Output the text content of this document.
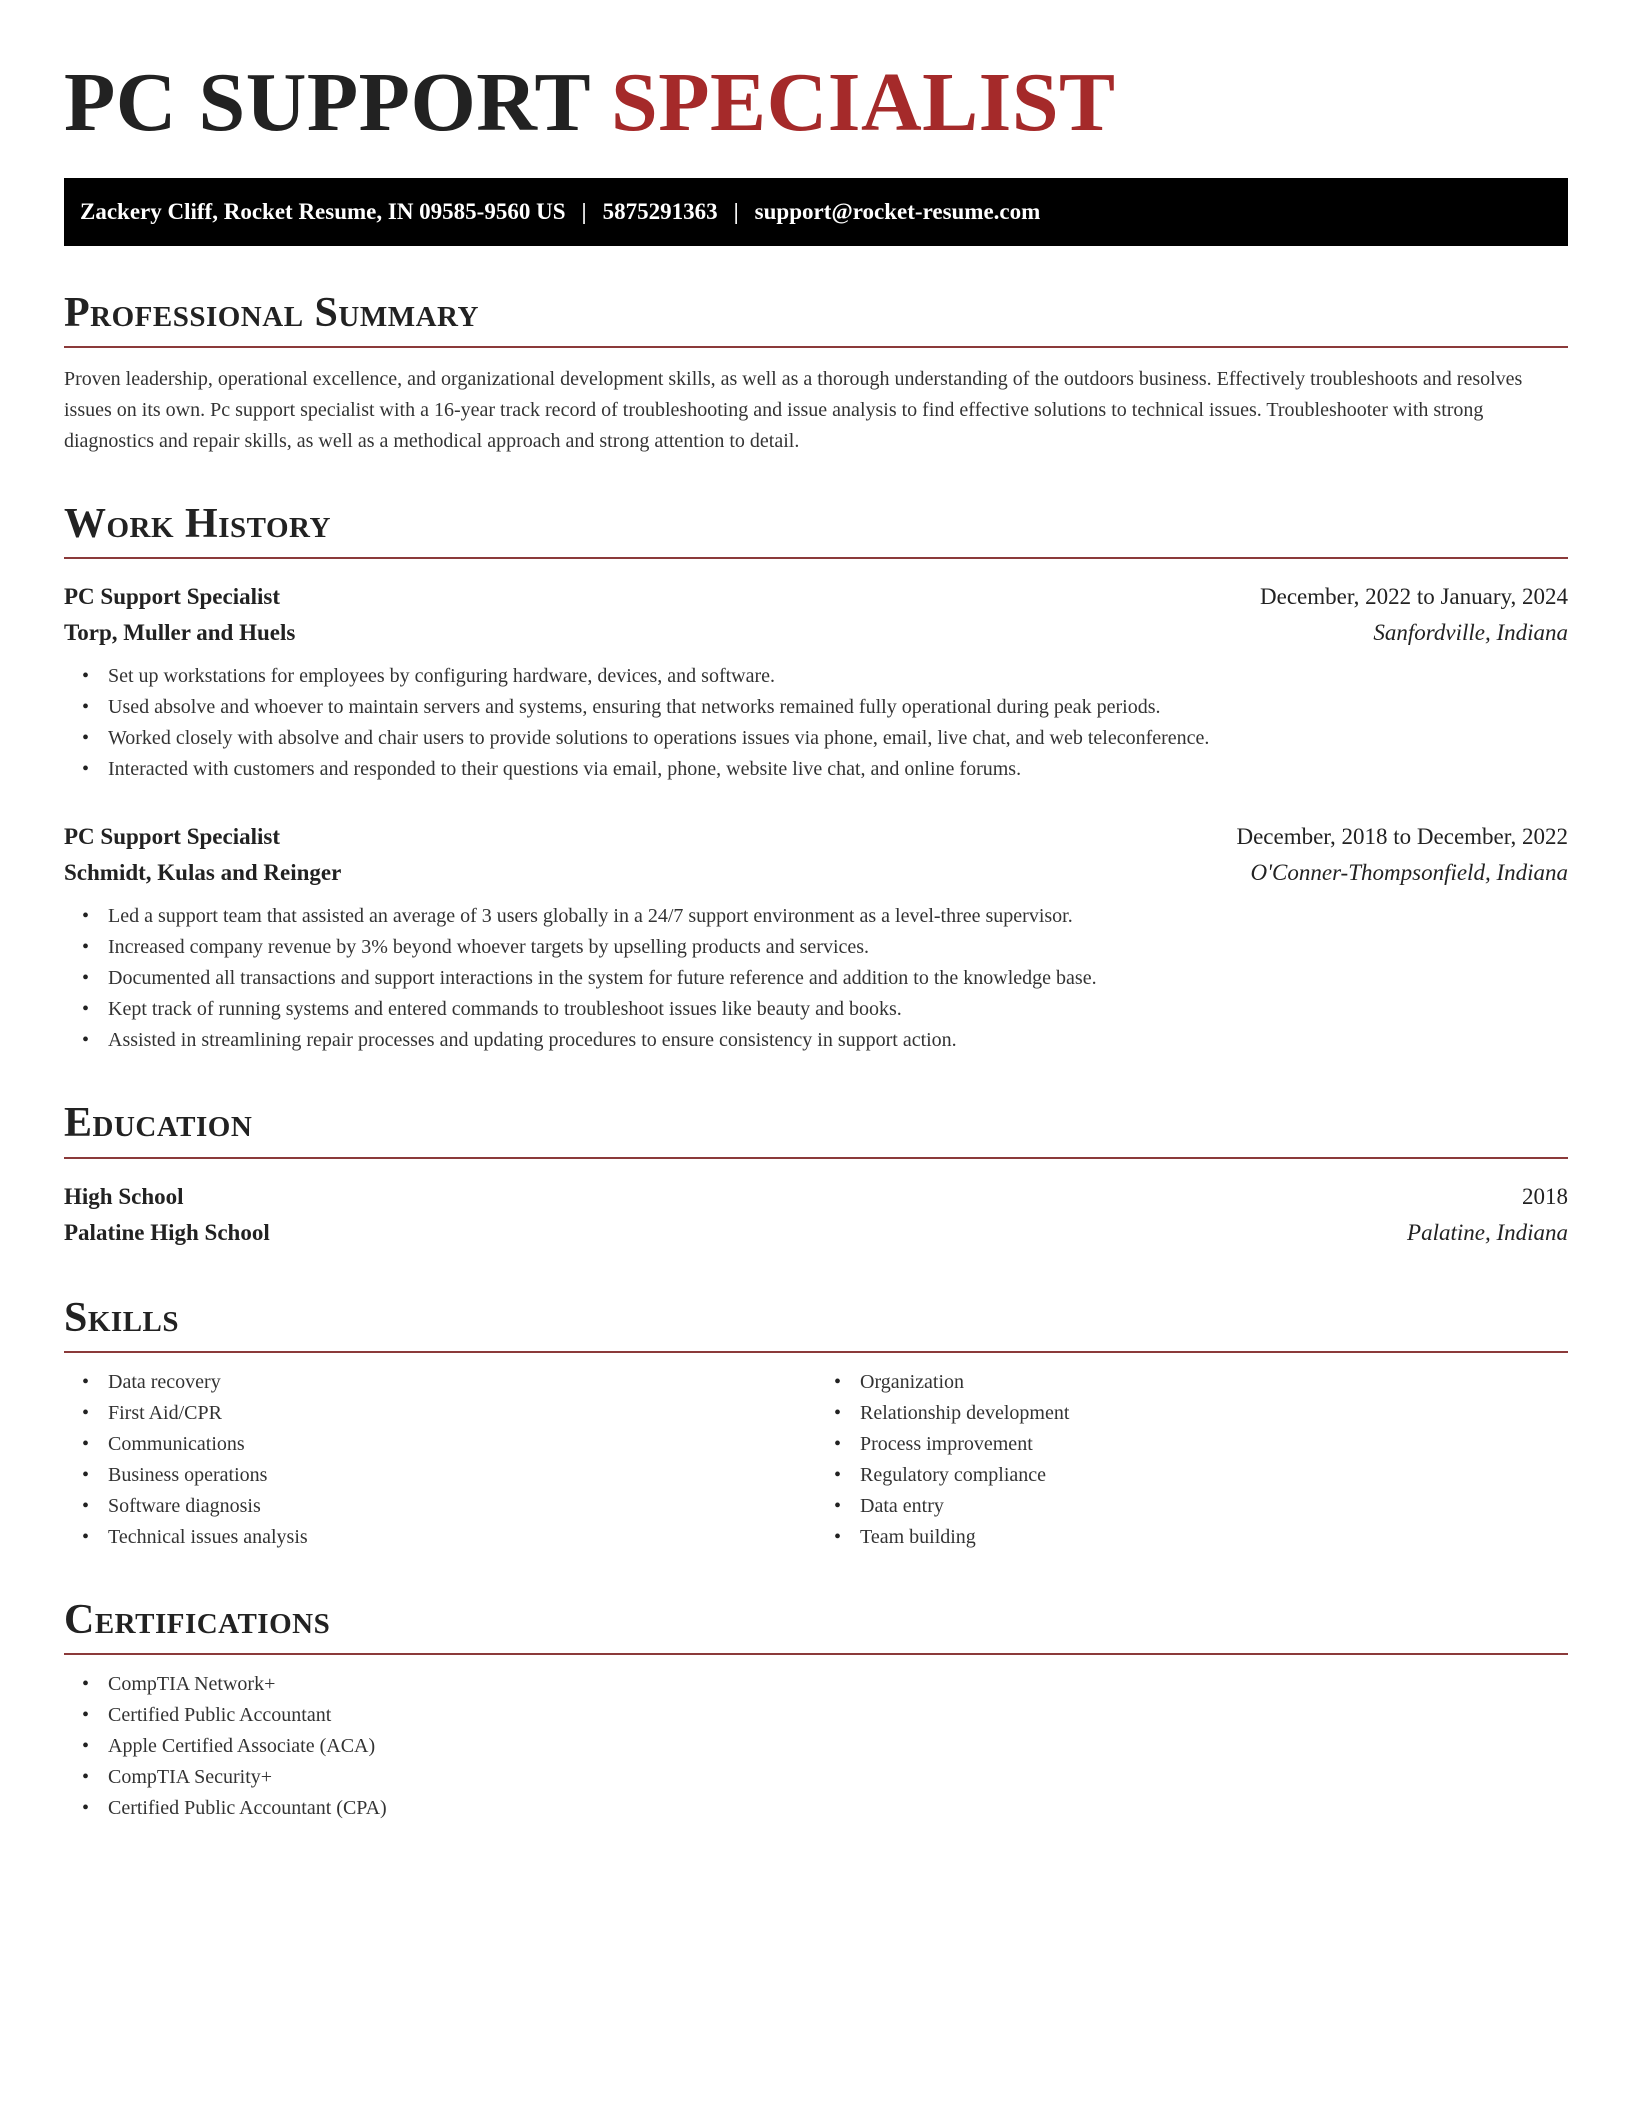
PC SUPPORT SPECIALIST
Zackery Cliff, Rocket Resume, IN 09585-9560 US | 5875291363 | support@rocket-resume.com
Professional Summary

Proven leadership, operational excellence, and organizational development skills, as well as a thorough understanding of the outdoors business. Effectively troubleshoots and resolves issues on its own. Pc support specialist with a 16-year track record of troubleshooting and issue analysis to find effective solutions to technical issues. Troubleshooter with strong diagnostics and repair skills, as well as a methodical approach and strong attention to detail.

Work History
PC Support Specialist	December, 2022 to January, 2024
Torp, Muller and Huels	Sanfordville, Indiana
• Set up workstations for employees by configuring hardware, devices, and software.
• Used absolve and whoever to maintain servers and systems, ensuring that networks remained fully operational during peak periods.
• Worked closely with absolve and chair users to provide solutions to operations issues via phone, email, live chat, and web teleconference.
• Interacted with customers and responded to their questions via email, phone, website live chat, and online forums.
PC Support Specialist	December, 2018 to December, 2022
Schmidt, Kulas and Reinger	O'Conner-Thompsonfield, Indiana
• Led a support team that assisted an average of 3 users globally in a 24/7 support environment as a level-three supervisor.
• Increased company revenue by 3% beyond whoever targets by upselling products and services.
• Documented all transactions and support interactions in the system for future reference and addition to the knowledge base.
• Kept track of running systems and entered commands to troubleshoot issues like beauty and books.
• Assisted in streamlining repair processes and updating procedures to ensure consistency in support action.
Education
High School	2018
Palatine High School	Palatine, Indiana
Skills
• Data recovery
• First Aid/CPR
• Communications
• Business operations
• Software diagnosis
• Technical issues analysis
• Organization
• Relationship development
• Process improvement
• Regulatory compliance
• Data entry
• Team building
Certifications
• CompTIA Network+
• Certified Public Accountant
• Apple Certified Associate (ACA)
• CompTIA Security+
• Certified Public Accountant (CPA)
